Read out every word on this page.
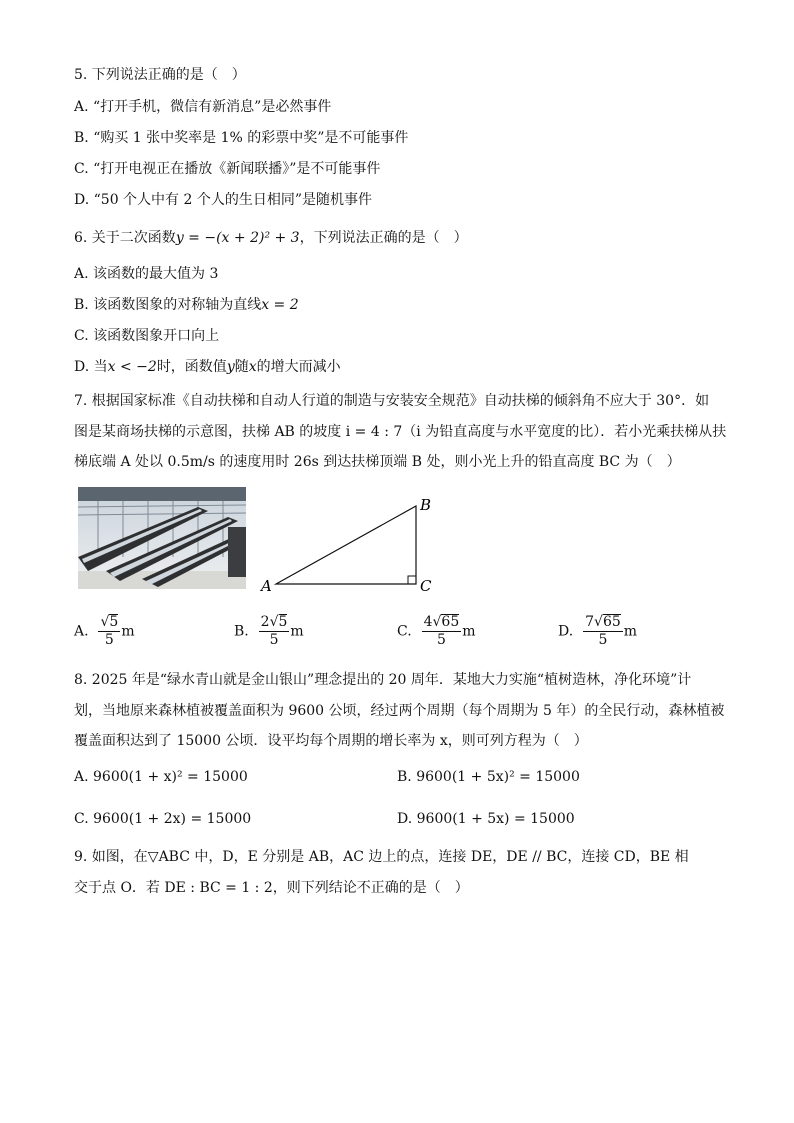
5. 下列说法正确的是（　）
A. “打开手机，微信有新消息”是必然事件
B. “购买 1 张中奖率是 1% 的彩票中奖”是不可能事件
C. “打开电视正在播放《新闻联播》”是不可能事件
D. “50 个人中有 2 个人的生日相同”是随机事件
6. 关于二次函数y = −(x + 2)² + 3，下列说法正确的是（　）
A. 该函数的最大值为 3
B. 该函数图象的对称轴为直线x = 2
C. 该函数图象开口向上
D. 当x < −2时，函数值y随x的增大而减小
7. 根据国家标准《自动扶梯和自动人行道的制造与安装安全规范》自动扶梯的倾斜角不应大于 30°．如
图是某商场扶梯的示意图，扶梯 AB 的坡度 i = 4 : 7（i 为铅直高度与水平宽度的比）．若小光乘扶梯从扶
梯底端 A 处以 0.5m/s 的速度用时 26s 到达扶梯顶端 B 处，则小光上升的铅直高度 BC 为（　）
A
B
C
A. $\frac{√5}{5}$ m	B. $\frac{2√5}{5}$ m	C. $\frac{4√65}{5}$ m	D. $\frac{7√65}{5}$ m
8. 2025 年是“绿水青山就是金山银山”理念提出的 20 周年．某地大力实施“植树造林，净化环境”计
划，当地原来森林植被覆盖面积为 9600 公顷，经过两个周期（每个周期为 5 年）的全民行动，森林植被
覆盖面积达到了 15000 公顷．设平均每个周期的增长率为 x，则可列方程为（　）
A. 9600(1 + x)² = 15000	B. 9600(1 + 5x)² = 15000
C. 9600(1 + 2x) = 15000	D. 9600(1 + 5x) = 15000
9. 如图，在▽ABC 中，D，E 分别是 AB，AC 边上的点，连接 DE，DE // BC，连接 CD，BE 相
交于点 O．若 DE : BC = 1 : 2，则下列结论不正确的是（　）
